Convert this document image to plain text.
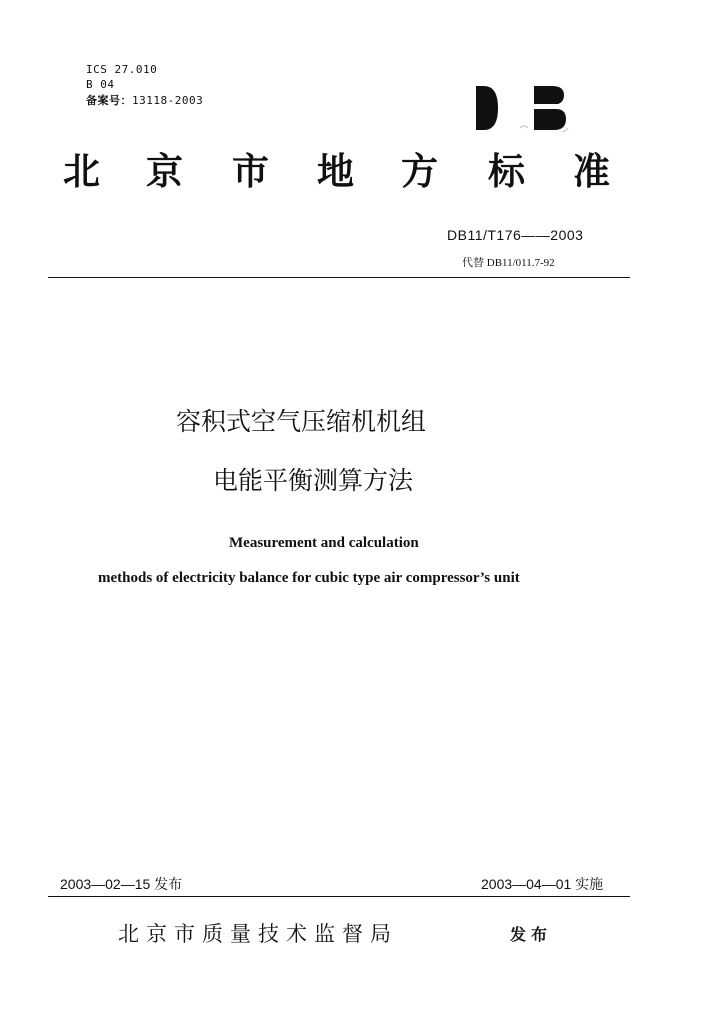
ICS 27.010
B 04
备案号：13118-2003
北 京 市 地 方 标 准
DB11/T176——2003
代替 DB11/011.7-92
容积式空气压缩机机组
电能平衡测算方法
Measurement and calculation
methods of electricity balance for cubic type air compressor’s unit
2003—02—15 发布	2003—04—01 实施
北京市质量技术监督局	发布
